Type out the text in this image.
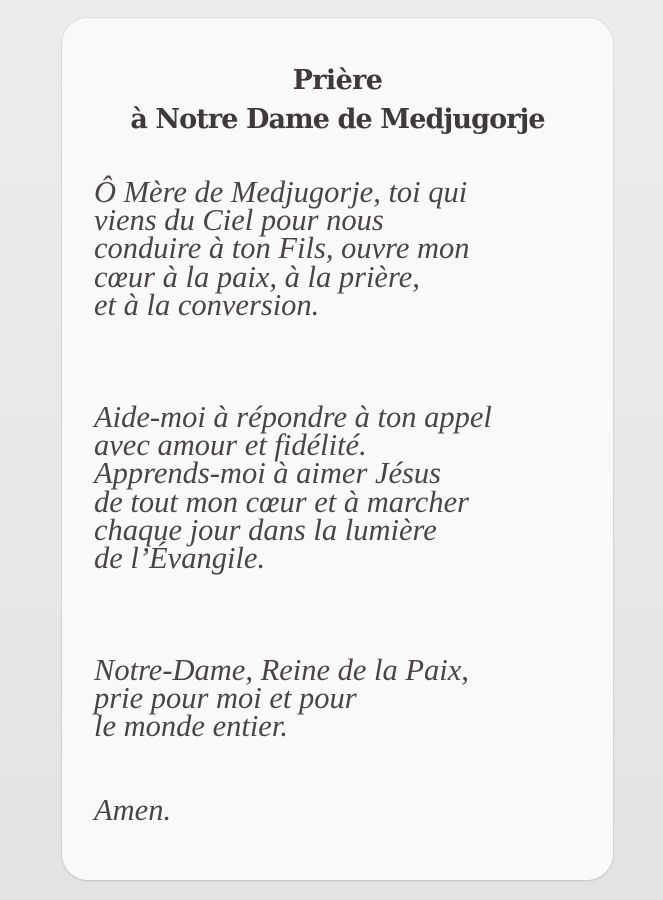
Prière
à Notre Dame de Medjugorje

Ô Mère de Medjugorje, toi qui
viens du Ciel pour nous
conduire à ton Fils, ouvre mon
cœur à la paix, à la prière,
et à la conversion.

Aide-moi à répondre à ton appel
avec amour et fidélité.
Apprends-moi à aimer Jésus
de tout mon cœur et à marcher
chaque jour dans la lumière
de l’Évangile.

Notre-Dame, Reine de la Paix,
prie pour moi et pour
le monde entier.

Amen.
